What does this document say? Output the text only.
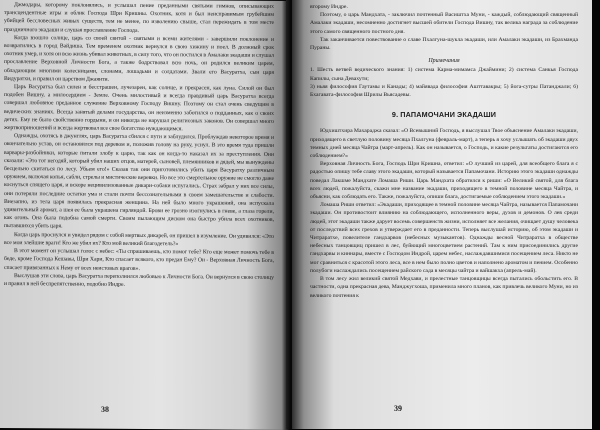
Джмодары, которому поклонялись, и услышал пение преданными святыми гимнов, описывающих трансцендентные игры и облик Господа Шри Кришны. Охотник, котя и был неисправимым грубейшим убийцей бессловесных живых существ, тем не менее, по изволению свыше, стал пережидать в том месте праздничного экадаши и слушая прославление Господа.

Когда взошло солнце, царь со своей свитой - святыми и всеми жителями - завершили поклонение и возвратились в город Вайдиша. Тем временем охотник вернулся в свою хижину и поел. В должный срок охотник умер, и хотя он всю жизнь убивал животных, в силу того, что он постился в Амалаки экадаши и слушал прославление Верховной Личности Бога, а также бодрствовал всю ночь, он родился великим царем, обладающим многими колесницами, слонами, лошадьми и солдатами. Звали его Васуратха, сын царя Видуратхи, и правил он царством Джаянти.

Царь Васуратха был силен и бесстрашен, лучезарен, как солнце, и прекрасен, как луна. Силой он был подобен Вишну, а милосердием - Земле. Очень милостивый и всегда правдивый царь Васуратха всегда совершал любовное преданное служение Верховному Господу Вишну. Поэтому он стал очень сведущим в ведических знаниях. Всегда занятый делами государства, он неизменно заботился о подданных, как о своих детях. Ему не было свойственно гордыни, и он никогда не нарушал религиозных законов. Он совершал много жертвоприношений и всегда жертвовал все свое богатство нуждающимся.

Однажды, охотясь в джунглях, царь Васуратха сбился с пути и заблудился. Проблуждав некоторое время и окончательно устав, он остановился под деревом и, положив голову на руку, уснул. В это время туда пришли варвары-разбойники, которые питали злобу к царю, так как он когда-то наказал их за преступления. Они сказали: «Это тот негодяй, который убил наших отцов, матерей, сыновей, племянников и дядей, мы вынуждены бесцельно скитаться по лесу. Убьем его!» Сказав так они приготовились убить царя Васуратху различным оружием, включая копья, сабли, стрелы и мистические веревки. Но все это смертельное оружие не смогло даже коснуться спящего царя, и вскоре нецивилизованные дикари-собаки испугались. Страх забрал у них все силы, они потеряли последние остатки ума и стали почти бессознательными в своем замешательстве и слабости. Внезапно, из тела царя появилась прекрасная женщина. На ней было много украшений, она испускала удивительный аромат, а шея ее была украшена гирляндой. Брови ее грозно изогнулись в гневе, а глаза горели, как огонь. Она была подобна самой смерти. Своим пылающим диском она быстро убила всех охотников, пытавшихся убить царя.

Когда царь проснулся и увидел рядом с собой мертвых дикарей, он пришел в изумление. Он удивился: «Это все мои злейшие враги! Кто же убил их? Кто мой великий благодетель?»

В этот момент он услышал голос с небес: «Ты спрашиваешь, кто помог тебе? Кто еще может помочь тебе в беде, кроме Господа Кешавы, Шри Хари, Кто спасает всякого, кто предан Ему? Он - Верховная Личность Бога, спасает привязанных к Нему от всех неистовых врагов».

Выслушав эти слова, царь Васуратха переполнился любовью к Личности Бога. Он вернулся в свою столицу и правил в ней беспрепятственно, подобно Индре.

38

второму Индре.

Поэтому, о царь Мандхата, - заключил почтенный Васиштха Муни, - каждый, соблюдающий священный Амалаки экадаши, несомненно достигнет высшей обители Господа Вишну, так велика награда за соблюдение этого самого священного постного дня.

Так заканчивается повествование о славе Пхалгуна-шукла экадаши, или Амалаки экадаши, из Брахманда Пураны.

Примечания

1. Шесть ветвей ведического знания: 1) система Карма-мимамса Джаймини; 2) система Санкья Господа Капилы, сына Девахути;

3) ньяя философия Гаутамы и Канады; 4) майявада философия Ашттавакры; 5) йога-сутры Патанджали; 6) Бхагавата-философия Шрилы Вьясадевы.

9. ПАПАМОЧАНИ ЭКАДАШИ

Юдхиштхира Махараджа сказал: «О Всевышний Господь, я выслушал Твое объяснение Амалаки экадаши, приходящего в светлую половину месяца Пхалгуна (февраль-март), а теперь я хочу услышать об экадаши двух темных дней месяца Чайтра (март-апрель). Как он называется, о Господь, и какие результаты достигаются его соблюдением?»

Верховная Личность Бога, Господь Шри Кришна, ответил: «О лучший из царей, для всеобщего блага я с радостью опишу тебе славу этого экадаши, который называется Папамочани. Историю этого экадаши однажды поведал Лакшме Мандхате Ломаша Риши. Царь Мандхата обратился к риши: «О Великий святой, для блага всех людей, пожалуйста, скажи мне название экадаши, приходящего в темной половине месяца Чайтра, и объясни, как соблюдать его. Также, пожалуйста, опиши блага, достигаемые соблюдением этого экадаши.»

Ломаша Риши ответил: «Экадаши, приходящее в темной половине месяца Чайтра, называется Папамочани экадаши. Он противостоит влиянию на соблюдающего, исполненного веры, духов и демонов. О лев среди людей, этот экадаши также дарует восемь совершенств жизни, исполняет все желания, очищает душу человека от последствий всех грехов и утверждает его в преданности. Теперь выслушай историю, об этом экадаши и Читраратхе, повелителе гандхарвов (небесных музыкантов). Однажды весной Читраратха в обществе небесных танцовщиц пришел в лес, буйющий многоцветием растений. Там к ним присоединились другие гандхарвы и киннары, вместе с Господом Индрой, царем небес, наслаждавшимися посещением леса. Никто не мог сравниться с красотой этого леса, все в нем было полно цветов и наполнено ароматом и пением. Особенно полубоги наслаждались посещением райского сада в месяцы чайтра и вайшакха (апрель-май).

В том лесу жил великий святой Медхави, и прелестные танцовщицы всегда пытались обольстить его. В частности, одна прекрасная дева, Манджугхоша, применила много планов, как привлечь великого Муни, но из великого почтения к

39
